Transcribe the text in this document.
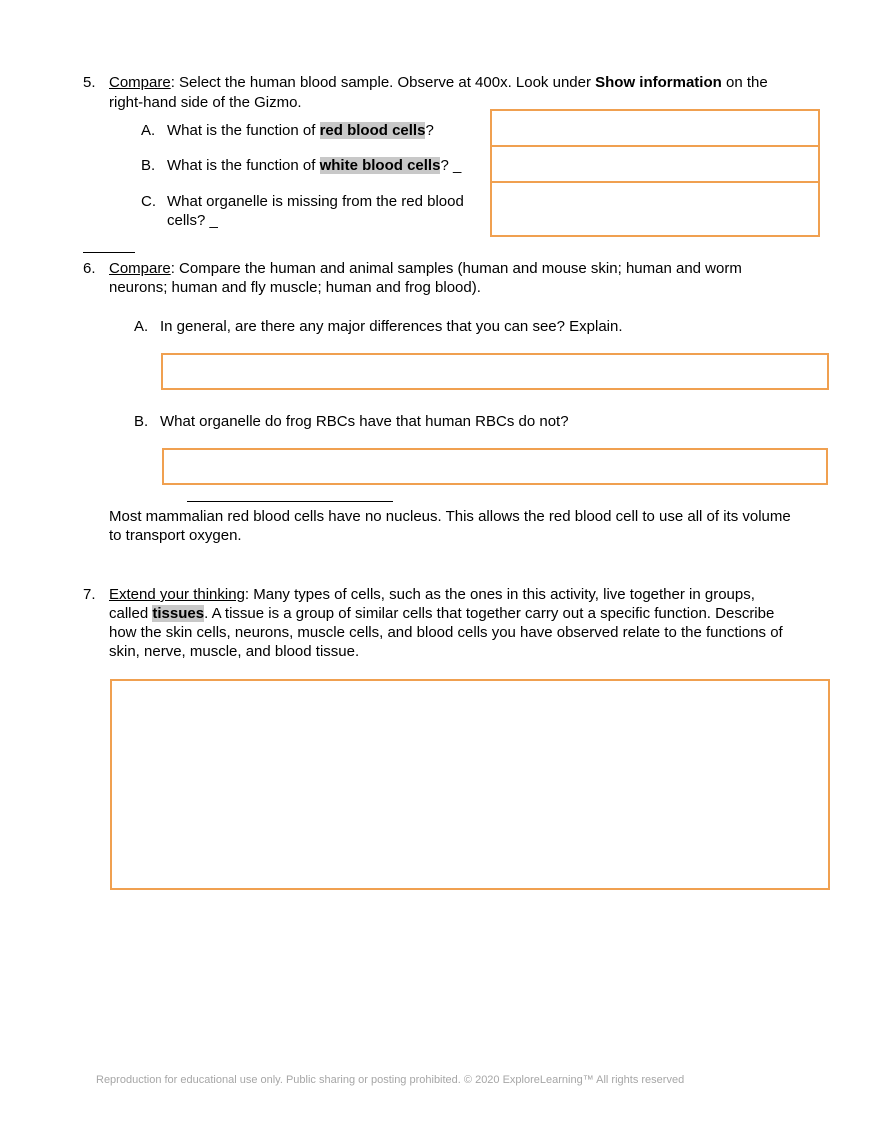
5. Compare: Select the human blood sample. Observe at 400x. Look under Show information on the
right-hand side of the Gizmo.
A. What is the function of red blood cells?
B. What is the function of white blood cells? _
C. What organelle is missing from the red blood
cells? _
6. Compare: Compare the human and animal samples (human and mouse skin; human and worm
neurons; human and fly muscle; human and frog blood).
A. In general, are there any major differences that you can see? Explain.
B. What organelle do frog RBCs have that human RBCs do not?
Most mammalian red blood cells have no nucleus. This allows the red blood cell to use all of its volume
to transport oxygen.
7. Extend your thinking: Many types of cells, such as the ones in this activity, live together in groups,
called tissues. A tissue is a group of similar cells that together carry out a specific function. Describe
how the skin cells, neurons, muscle cells, and blood cells you have observed relate to the functions of
skin, nerve, muscle, and blood tissue.
Reproduction for educational use only. Public sharing or posting prohibited. © 2020 ExploreLearning™ All rights reserved
